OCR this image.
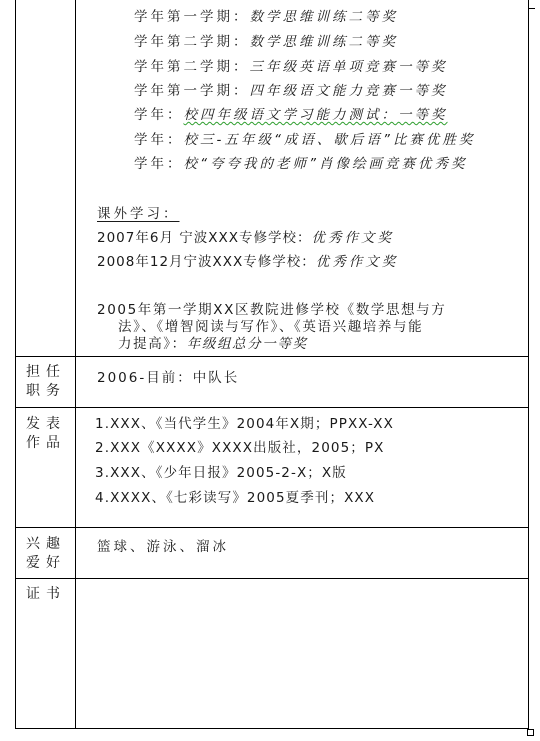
学年第一学期：数学思维训练二等奖
学年第二学期：数学思维训练二等奖
学年第二学期：三年级英语单项竞赛一等奖
学年第一学期：四年级语文能力竞赛一等奖
学年：校四年级语文学习能力测试：一等奖
学年：校三-五年级“成语、歇后语”比赛优胜奖
学年：校“夸夸我的老师”肖像绘画竞赛优秀奖
课外学习：
2007年6月 宁波XXX专修学校：优秀作文奖
2008年12月宁波XXX专修学校：优秀作文奖
2005年第一学期XX区教院进修学校《数学思想与方
法》、《增智阅读与写作》、《英语兴趣培养与能
力提高》：年级组总分一等奖
担任
职务
2006-目前：中队长
发表
作品
1.XXX、《当代学生》2004年X期；PPXX-XX
2.XXX《XXXX》XXXX出版社，2005；PX
3.XXX、《少年日报》2005-2-X；X版
4.XXXX、《七彩读写》2005夏季刊；XXX
兴趣
爱好
篮球、游泳、溜冰
证书
